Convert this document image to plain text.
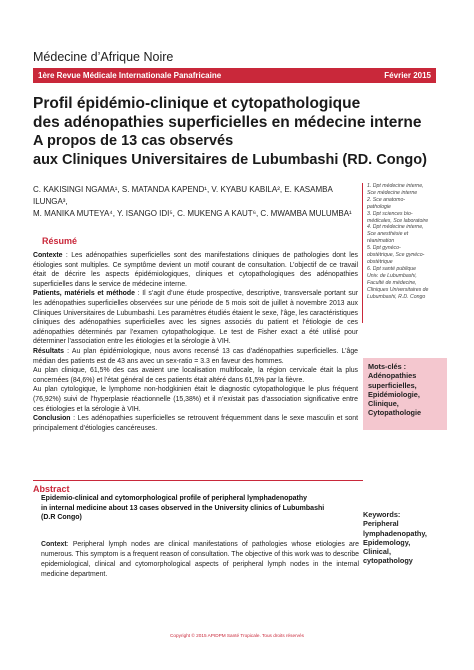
Médecine d’Afrique Noire
1ère Revue Médicale Internationale Panafricaine	Février 2015
Profil épidémio-clinique et cytopathologique
des adénopathies superficielles en médecine interne
A propos de 13 cas observés
aux Cliniques Universitaires de Lubumbashi (RD. Congo)
C. KAKISINGI NGAMA¹, S. MATANDA KAPEND¹, V. KYABU KABILA², E. KASAMBA ILUNGA³,
M. MANIKA MUTEYA⁴, Y. ISANGO IDI⁵, C. MUKENG A KAUT⁶, C. MWAMBA MULUMBA¹
1. Dpt médecine interne,
Sce médecine interne
2. Sce anatomo-
pathologie
3. Dpt sciences bio-
médicales, Sce laboratoire
4. Dpt médecine interne,
Sce anesthésie et
réanimation
5. Dpt gynéco-
obstétrique, Sce gynéco-
obstétrique
6. Dpt santé publique
Univ. de Lubumbashi,
Faculté de médecine,
Cliniques Universitaires de
Lubumbashi, R.D. Congo
Résumé

Contexte : Les adénopathies superficielles sont des manifestations cliniques de pathologies dont les étiologies sont multiples. Ce symptôme devient un motif courant de consultation. L’objectif de ce travail était de décrire les aspects épidémiologiques, cliniques et cytopathologiques des adénopathies superficielles dans le service de médecine interne.

Patients, matériels et méthode : Il s’agit d’une étude prospective, descriptive, transversale portant sur les adénopathies superficielles observées sur une période de 5 mois soit de juillet à novembre 2013 aux Cliniques Universitaires de Lubumbashi. Les paramètres étudiés étaient le sexe, l’âge, les caractéristiques cliniques des adénopathies superficielles avec les signes associés du patient et l’étiologie de ces adénopathies déterminés par l’examen cytopathologique. Le test de Fisher exact a été utilisé pour déterminer l’association entre les étiologies et la sérologie à VIH.

Résultats : Au plan épidémiologique, nous avons recensé 13 cas d’adénopathies superficielles. L’âge médian des patients est de 43 ans avec un sex-ratio = 3.3 en faveur des hommes.

Au plan clinique, 61,5% des cas avaient une localisation multifocale, la région cervicale était la plus concernées (84,6%) et l’état général de ces patients était altéré dans 61,5% par la fièvre.

Au plan cytologique, le lymphome non-hodgkinien était le diagnostic cytopathologique le plus fréquent (76,92%) suivi de l’hyperplasie réactionnelle (15,38%) et il n’existait pas d’association significative entre ces étiologies et la sérologie à VIH.

Conclusion : Les adénopathies superficielles se retrouvent fréquemment dans le sexe masculin et sont principalement d’étiologies cancéreuses.

Mots-clés :
Adénopathies
superficielles,
Epidémiologie,
Clinique,
Cytopathologie
Abstract
Epidemio-clinical and cytomorphological profile of peripheral lymphadenopathy
in internal medicine about 13 cases observed in the University clinics of Lubumbashi
(D.R Congo)
Context: Peripheral lymph nodes are clinical manifestations of pathologies whose etiologies are numerous. This symptom is a frequent reason of consultation. The objective of this work was to describe epidemiological, clinical and cytomorphological aspects of peripheral lymph nodes in the internal medicine department.
Keywords:
Peripheral
lymphadenopathy,
Epidemology,
Clinical,
cytopathology
Copyright © 2015 APIDPM Santé Tropicale. Tous droits réservés
